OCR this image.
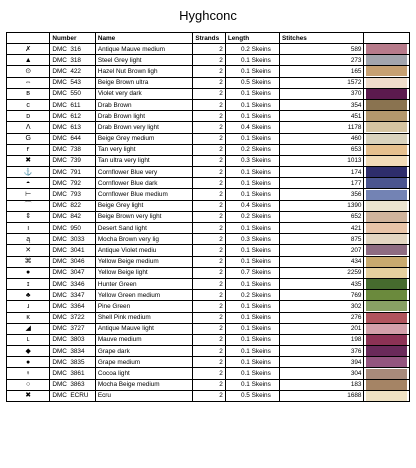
Hyghconc
	Number	Name	Strands	Length	Stitches	
✗	DMC 316	Antique Mauve medium	2	0.2 Skeins	589	

▲	DMC 318	Steel Grey light	2	0.1 Skeins	273	

⊙	DMC 422	Hazel Nut Brown ligh	2	0.1 Skeins	165	

⇔	DMC 543	Beige Brown ultra	2	0.5 Skeins	1572	

ʙ	DMC 550	Violet very dark	2	0.1 Skeins	370	

ᴄ	DMC 611	Drab Brown	2	0.1 Skeins	354	

ᴅ	DMC 612	Drab Brown light	2	0.1 Skeins	451	

Λ	DMC 613	Drab Brown very light	2	0.4 Skeins	1178	

G	DMC 644	Beige Grey medium	2	0.1 Skeins	460	

ғ	DMC 738	Tan very light	2	0.2 Skeins	653	

✖	DMC 739	Tan ultra very light	2	0.3 Skeins	1013	

⚓	DMC 791	Cornflower Blue very	2	0.1 Skeins	174	

◓	DMC 792	Cornflower Blue dark	2	0.1 Skeins	177	

⊢	DMC 793	Cornflower Blue medium	2	0.1 Skeins	356	

⌒	DMC 822	Beige Grey light	2	0.4 Skeins	1390	

⇕	DMC 842	Beige Brown very light	2	0.2 Skeins	652	

ı	DMC 950	Desert Sand light	2	0.1 Skeins	421	

ą	DMC 3033	Mocha Brown very lig	2	0.3 Skeins	875	

✕	DMC 3041	Antique Violet mediu	2	0.1 Skeins	207	

⌘	DMC 3046	Yellow Beige medium	2	0.1 Skeins	434	

●	DMC 3047	Yellow Beige light	2	0.7 Skeins	2259	

ɪ	DMC 3346	Hunter Green	2	0.1 Skeins	435	

♣	DMC 3347	Yellow Green medium	2	0.2 Skeins	769	

ɹ	DMC 3364	Pine Green	2	0.1 Skeins	302	

ᴋ	DMC 3722	Shell Pink medium	2	0.1 Skeins	276	

◢	DMC 3727	Antique Mauve light	2	0.1 Skeins	201	

ʟ	DMC 3803	Mauve medium	2	0.1 Skeins	198	

◆	DMC 3834	Grape dark	2	0.1 Skeins	376	

●	DMC 3835	Grape medium	2	0.1 Skeins	394	

♀	DMC 3861	Cocoa light	2	0.1 Skeins	304	

○	DMC 3863	Mocha Beige medium	2	0.1 Skeins	183	

✖	DMC ECRU	Ecru	2	0.5 Skeins	1688	
